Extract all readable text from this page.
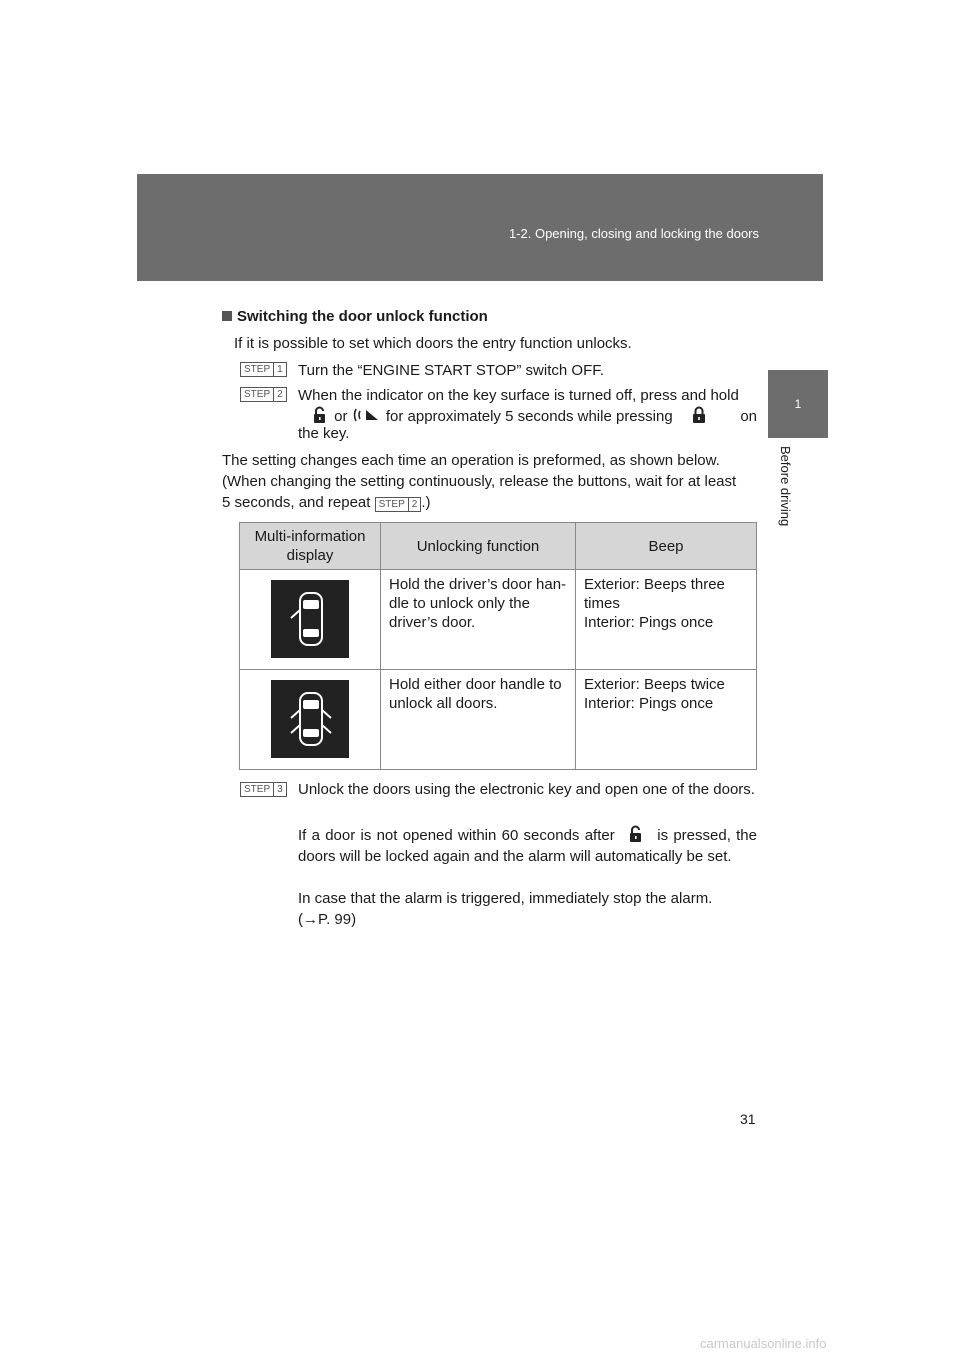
1-2. Opening, closing and locking the doors
1
Before driving
Switching the door unlock function
If it is possible to set which doors the entry function unlocks.
STEP 1 Turn the “ENGINE START STOP” switch OFF.
STEP 2 When the indicator on the key surface is turned off, press and hold
or	for approximately 5 seconds while pressing	on
the key.
The setting changes each time an operation is preformed, as shown below.
(When changing the setting continuously, release the buttons, wait for at least
5 seconds, and repeat STEP 2 .)
Multi-information display	Unlocking function	Beep
	Hold the driver’s door han-dle to unlock only the driver’s door.	Exterior: Beeps three times
Interior: Pings once

	Hold either door handle to unlock all doors.	Exterior: Beeps twice
Interior: Pings once
STEP 3 Unlock the doors using the electronic key and open one of the doors.
If a door is not opened within 60 seconds after	is pressed, the doors will be locked again and the alarm will automatically be set.
In case that the alarm is triggered, immediately stop the alarm.
(→P. 99)
31
carmanualsonline.info
